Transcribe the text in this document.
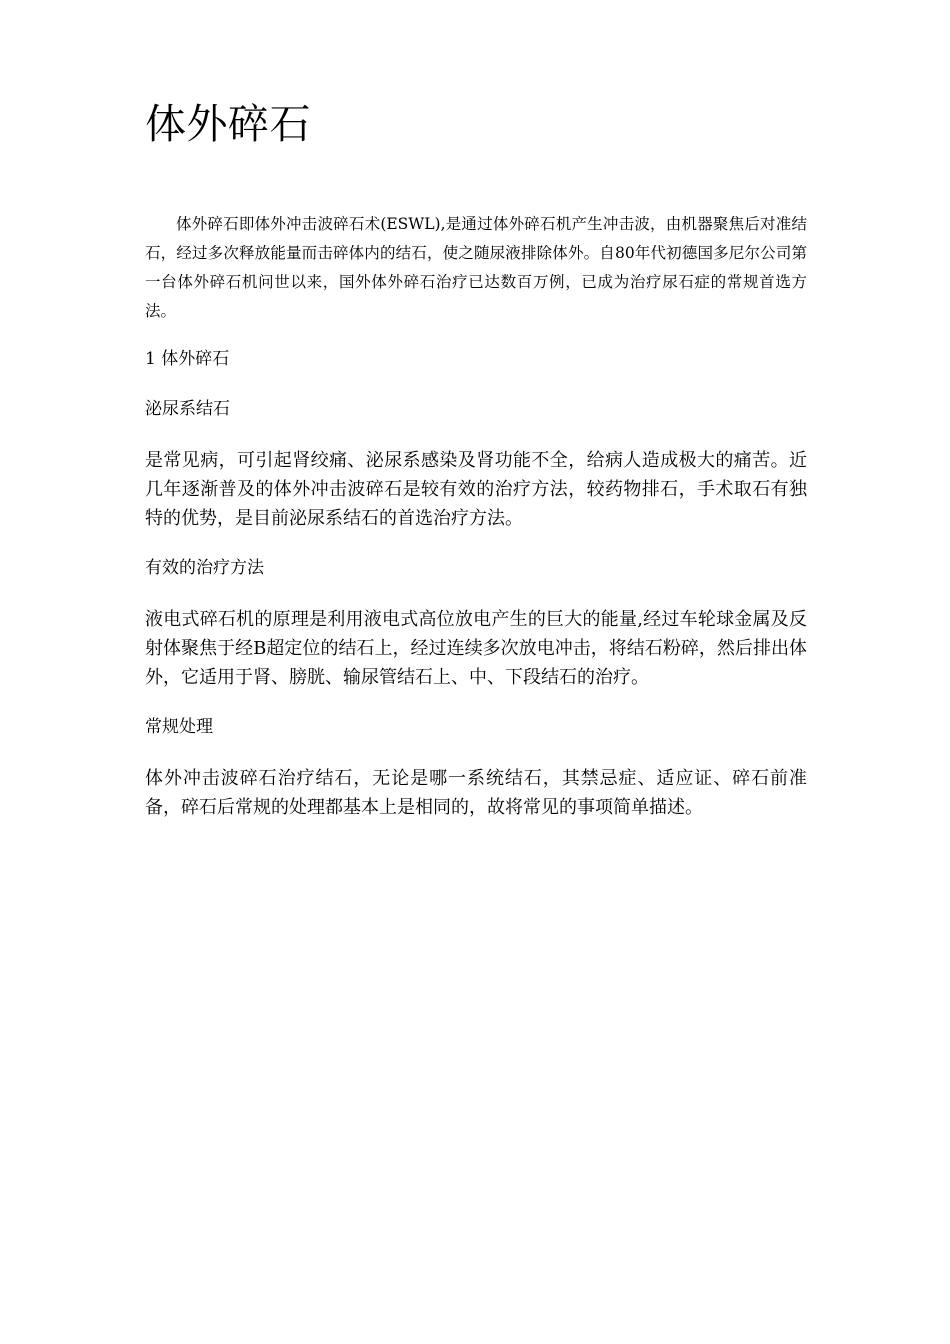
体外碎石

体外碎石即体外冲击波碎石术(ESWL),是通过体外碎石机产生冲击波，由机器聚焦后对准结石，经过多次释放能量而击碎体内的结石，使之随尿液排除体外。自80年代初德国多尼尔公司第一台体外碎石机问世以来，国外体外碎石治疗已达数百万例，已成为治疗尿石症的常规首选方法。

1 体外碎石

泌尿系结石

是常见病，可引起肾绞痛、泌尿系感染及肾功能不全，给病人造成极大的痛苦。近几年逐渐普及的体外冲击波碎石是较有效的治疗方法，较药物排石，手术取石有独特的优势，是目前泌尿系结石的首选治疗方法。

有效的治疗方法

液电式碎石机的原理是利用液电式高位放电产生的巨大的能量,经过车轮球金属及反射体聚焦于经B超定位的结石上，经过连续多次放电冲击，将结石粉碎，然后排出体外，它适用于肾、膀胱、输尿管结石上、中、下段结石的治疗。

常规处理

体外冲击波碎石治疗结石，无论是哪一系统结石，其禁忌症、适应证、碎石前准备，碎石后常规的处理都基本上是相同的，故将常见的事项简单描述。
